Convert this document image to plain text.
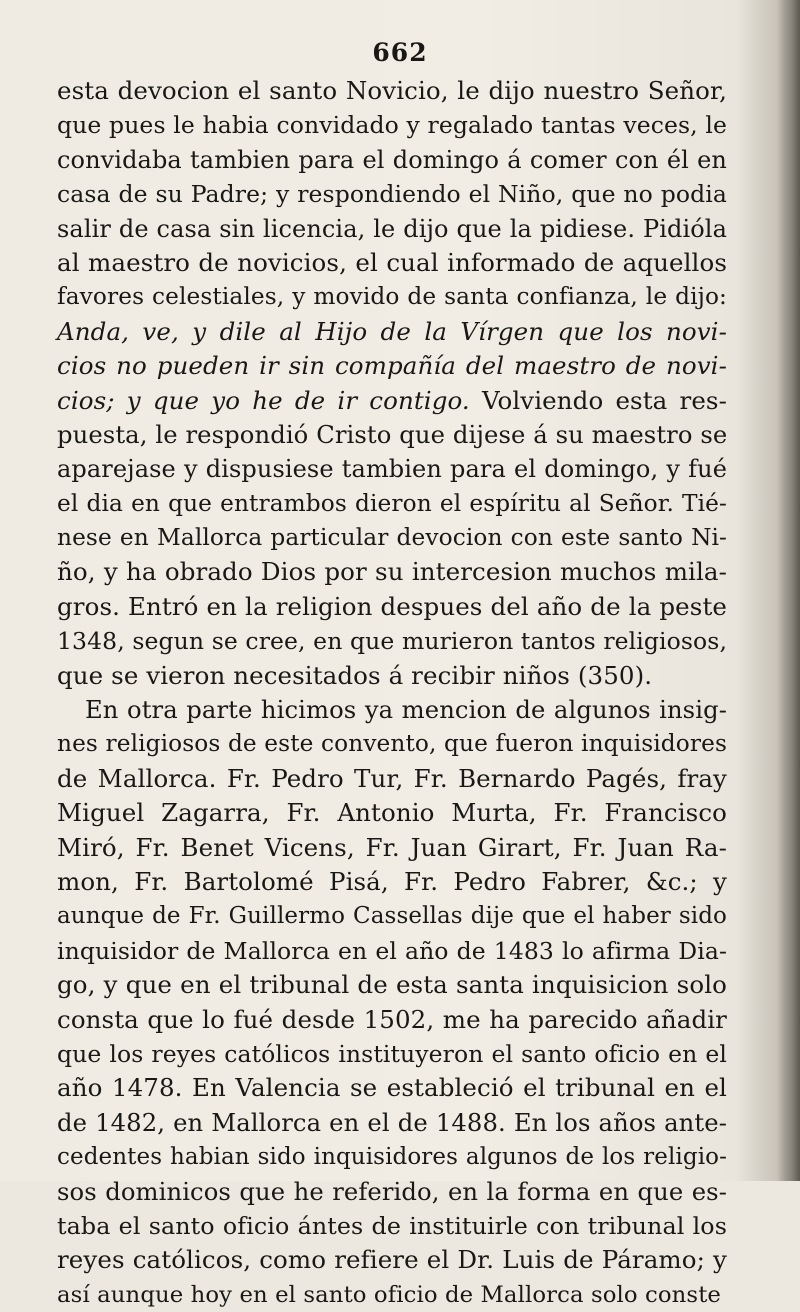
662
esta devocion el santo Novicio, le dijo nuestro Señor,
que pues le habia convidado y regalado tantas veces, le
convidaba tambien para el domingo á comer con él en
casa de su Padre; y respondiendo el Niño, que no podia
salir de casa sin licencia, le dijo que la pidiese. Pidióla
al maestro de novicios, el cual informado de aquellos
favores celestiales, y movido de santa confianza, le dijo:
Anda, ve, y dile al Hijo de la Vírgen que los novi-
cios no pueden ir sin compañía del maestro de novi-
cios; y que yo he de ir contigo. Volviendo esta res-
puesta, le respondió Cristo que dijese á su maestro se
aparejase y dispusiese tambien para el domingo, y fué
el dia en que entrambos dieron el espíritu al Señor. Tié-
nese en Mallorca particular devocion con este santo Ni-
ño, y ha obrado Dios por su intercesion muchos mila-
gros. Entró en la religion despues del año de la peste
1348, segun se cree, en que murieron tantos religiosos,
que se vieron necesitados á recibir niños (350).
En otra parte hicimos ya mencion de algunos insig-
nes religiosos de este convento, que fueron inquisidores
de Mallorca. Fr. Pedro Tur, Fr. Bernardo Pagés, fray
Miguel Zagarra, Fr. Antonio Murta, Fr. Francisco
Miró, Fr. Benet Vicens, Fr. Juan Girart, Fr. Juan Ra-
mon, Fr. Bartolomé Pisá, Fr. Pedro Fabrer, &c.; y
aunque de Fr. Guillermo Cassellas dije que el haber sido
inquisidor de Mallorca en el año de 1483 lo afirma Dia-
go, y que en el tribunal de esta santa inquisicion solo
consta que lo fué desde 1502, me ha parecido añadir
que los reyes católicos instituyeron el santo oficio en el
año 1478. En Valencia se estableció el tribunal en el
de 1482, en Mallorca en el de 1488. En los años ante-
cedentes habian sido inquisidores algunos de los religio-
sos dominicos que he referido, en la forma en que es-
taba el santo oficio ántes de instituirle con tribunal los
reyes católicos, como refiere el Dr. Luis de Páramo; y
así aunque hoy en el santo oficio de Mallorca solo conste
